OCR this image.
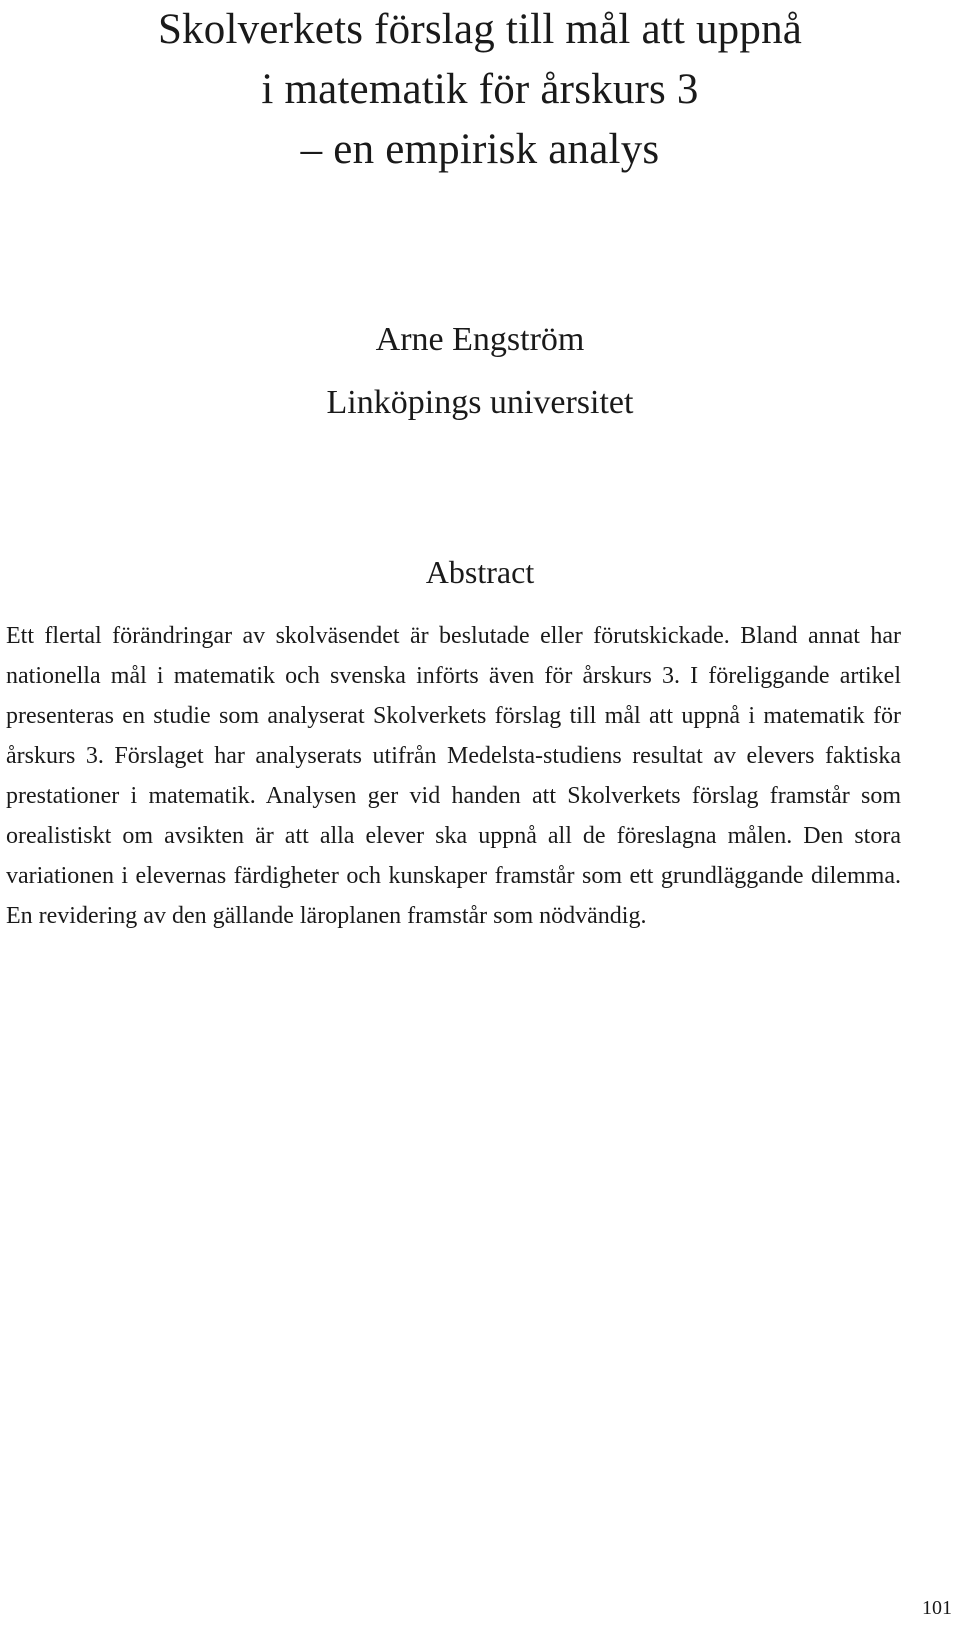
Skolverkets förslag till mål att uppnå
i matematik för årskurs 3
– en empirisk analys

Arne Engström

Linköpings universitet

Abstract

Ett flertal förändringar av skolväsendet är beslutade eller förutskickade. Bland annat har nationella mål i matematik och svenska införts även för årskurs 3. I föreliggande artikel presenteras en studie som analyserat Skolverkets förslag till mål att uppnå i matematik för årskurs 3. Förslaget har analyserats utifrån Medelsta-studiens resultat av elevers faktiska prestationer i matematik. Analysen ger vid handen att Skolverkets förslag framstår som orealistiskt om avsikten är att alla elever ska uppnå all de föreslagna målen. Den stora variationen i elevernas färdigheter och kunskaper framstår som ett grundläggande dilemma. En revidering av den gällande läroplanen framstår som nödvändig.

101
